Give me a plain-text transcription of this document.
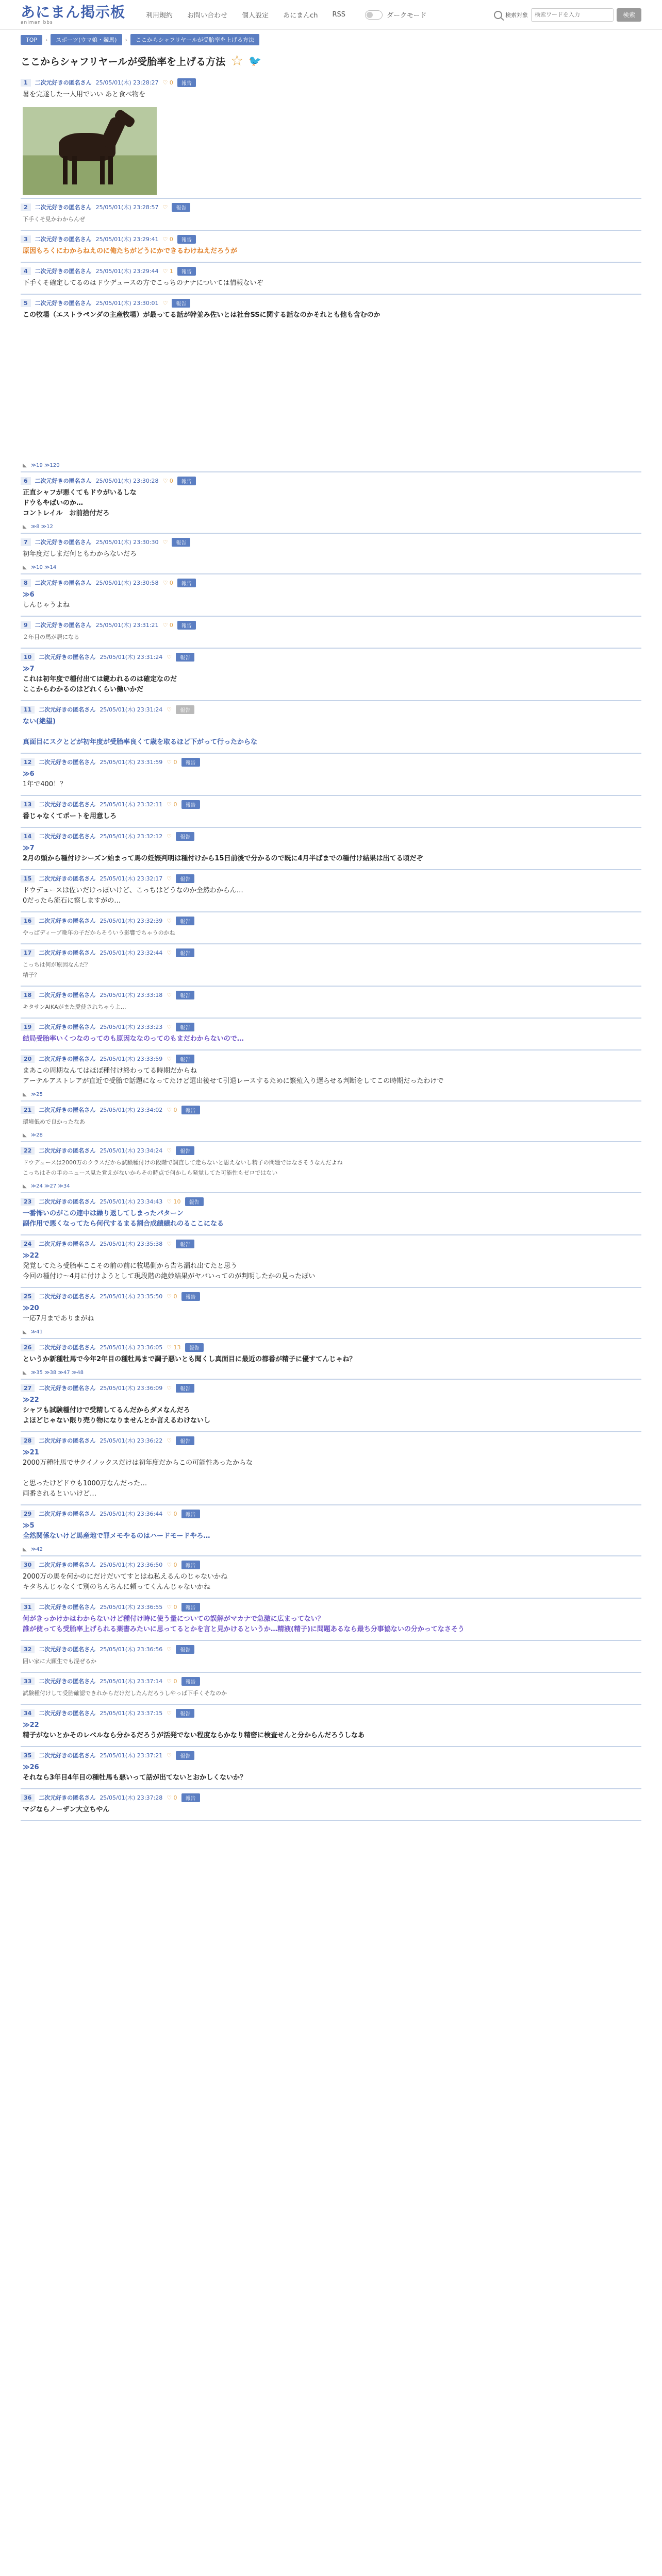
あにまん掲示板
animan bbs
利用規約 お問い合わせ 個人設定 あにまんch RSS	ダークモード	検索対象
検索ワードを入力	検索
TOP	›	スポーツ(ウマ娘・競馬)	›	ここからシャフリヤールが受胎率を上げる方法
ここからシャフリヤールが受胎率を上げる方法 ☆ 🐦
1	二次元好きの匿名さん 25/05/01(木) 23:28:27 ♡ 0	報告
暑を完遂した一人用でいい あと食べ物を
2	二次元好きの匿名さん 25/05/01(木) 23:28:57 ♡	報告
下手くそ見かわからんぜ
3	二次元好きの匿名さん 25/05/01(木) 23:29:41 ♡ 0	報告
原因もろくにわからねえのに俺たちがどうにかできるわけねえだろうが
4	二次元好きの匿名さん 25/05/01(木) 23:29:44 ♡ 1	報告
下手くそ確定してるのはドウデュースの方でこっちのナナについては情報ないぞ
5	二次元好きの匿名さん 25/05/01(木) 23:30:01 ♡	報告
この牧場（エストラペンダの主産牧場）が最ってる話が幹並み佐いとは社台SSに関する話なのかそれとも他も含むのか
◣ ≫19 ≫120
6	二次元好きの匿名さん 25/05/01(木) 23:30:28 ♡ 0	報告
正直シャフが悪くてもドウがいるしな
ドウもやばいのか…
コントレイル　お前捨付だろ
◣ ≫8 ≫12
7	二次元好きの匿名さん 25/05/01(木) 23:30:30 ♡	報告
初年度だしまだ何ともわからないだろ
◣ ≫10 ≫14
8	二次元好きの匿名さん 25/05/01(木) 23:30:58 ♡ 0	報告
≫6
しんじゃうよね
9	二次元好きの匿名さん 25/05/01(木) 23:31:21 ♡ 0	報告
２年目の馬が居になる
10	二次元好きの匿名さん 25/05/01(木) 23:31:24 ♡	報告
≫7
これは初年度で種付出ては鍵われるのは確定なのだ
ここからわかるのはどれくらい働いかだ
11	二次元好きの匿名さん 25/05/01(木) 23:31:24 ♡	報告
ない(絶望)

真面目にスクとどが初年度が受胎率良くて歳を取るほど下がって行ったからな
12	二次元好きの匿名さん 25/05/01(木) 23:31:59 ♡ 0	報告
≫6
1年で400！？
13	二次元好きの匿名さん 25/05/01(木) 23:32:11 ♡ 0	報告
番じゃなくてポートを用意しろ
14	二次元好きの匿名さん 25/05/01(木) 23:32:12 ♡	報告
≫7
2月の頭から種付けシーズン始まって馬の妊娠判明は種付けから15日前後で分かるので既に4月半ばまでの種付け結果は出てる頃だぞ
15	二次元好きの匿名さん 25/05/01(木) 23:32:17 ♡	報告
ドウデュースは佐いだけっぽいけど、こっちはどうなのか全然わからん…
0だったら流石に察しますがの…
16	二次元好きの匿名さん 25/05/01(木) 23:32:39 ♡	報告
やっぱディープ晩年の子だからそういう影響でちゃうのかね
17	二次元好きの匿名さん 25/05/01(木) 23:32:44 ♡	報告
こっちは何が原因なんだ？
精子？
18	二次元好きの匿名さん 25/05/01(木) 23:33:18 ♡	報告
キタサンAIKAがまた愛使されちゃうよ…
19	二次元好きの匿名さん 25/05/01(木) 23:33:23 ♡	報告
結局受胎率いくつなのってのも原因ななのってのもまだわからないので…
20	二次元好きの匿名さん 25/05/01(木) 23:33:59 ♡	報告
まあこの周期なんてはほぼ種付け終わってる時期だからね
アーテルアストレアが直近で受胎で話題になってたけど選出後せて引退レースするために繁殖入り遅らせる判断をしてこの時期だったわけで
◣ ≫25
21	二次元好きの匿名さん 25/05/01(木) 23:34:02 ♡ 0	報告
環境低めで良かったなあ
◣ ≫28
22	二次元好きの匿名さん 25/05/01(木) 23:34:24 ♡	報告
ドウデュースは2000万のクラスだから試験種付けの段階で調査して走らないと思えないし精子の問題ではなさそうなんだよね
こっちはその手のニュース見た覚えがないからその時点で何かしら発覚してた可能性もゼロではない
◣ ≫24 ≫27 ≫34
23	二次元好きの匿名さん 25/05/01(木) 23:34:43 ♡ 10	報告
一番怖いのがこの連中は繰り返してしまったパターン
副作用で悪くなってたら何代するまる割合成績績れのるここになる
24	二次元好きの匿名さん 25/05/01(木) 23:35:38 ♡	報告
≫22
発覚してたら受胎率ここその前の前に牧場側から告ち漏れ出てたと思う
今回の種付け～4月に付けようとして現段階の絶妙結果がヤバいってのが判明したかの見ったぽい
25	二次元好きの匿名さん 25/05/01(木) 23:35:50 ♡ 0	報告
≫20
一応7月までありまがね
◣ ≫41
26	二次元好きの匿名さん 25/05/01(木) 23:36:05 ♡ 13	報告
というか新種牡馬で今年2年目の種牡馬まで調子悪いとも聞くし真面目に最近の都番が精子に優すてんじゃね？
◣ ≫35 ≫38 ≫47 ≫48
27	二次元好きの匿名さん 25/05/01(木) 23:36:09 ♡	報告
≫22
シャフも試験種付けで受精してるんだからダメなんだろ
よほどじゃない限り売り物になりませんとか言えるわけないし
28	二次元好きの匿名さん 25/05/01(木) 23:36:22 ♡	報告
≫21
2000万種牡馬でサクイノックスだけは初年度だからこの可能性あったからな

と思ったけどドウも1000万なんだった…
両番されるといいけど…
29	二次元好きの匿名さん 25/05/01(木) 23:36:44 ♡ 0	報告
≫5
全然関係ないけど馬産地で罪メモやるのはハードモードやろ…
◣ ≫42
30	二次元好きの匿名さん 25/05/01(木) 23:36:50 ♡ 0	報告
2000万の馬を何かのにだけだいてすとはね私えるんのじゃないかね
キタちんじゃなくて別のちんちんに頼ってくんんじゃないかね
31	二次元好きの匿名さん 25/05/01(木) 23:36:55 ♡ 0	報告
何がきっかけかはわからないけど種付け時に使う量についての誤解がマカナで急激に広まってない？
誰が使っても受胎率上げられる薬書みたいに思ってるとかを言と見かけるというか…精液(精子)に問題あるなら最ち分事協ないの分かってなさそう
32	二次元好きの匿名さん 25/05/01(木) 23:36:56 ♡	報告
囲い家に大願生でも混ぜるか
33	二次元好きの匿名さん 25/05/01(木) 23:37:14 ♡ 0	報告
試験種付けして受胎確認できれからだけだしたんだろうしやっぱ下手くそなのか
34	二次元好きの匿名さん 25/05/01(木) 23:37:15 ♡	報告
≫22
精子がないとかそのレベルなら分かるだろうが活発でない程度ならかなり精密に検査せんと分からんだろうしなあ
35	二次元好きの匿名さん 25/05/01(木) 23:37:21 ♡	報告
≫26
それなら3年目4年目の種牡馬も悪いって話が出てないとおかしくないか？
36	二次元好きの匿名さん 25/05/01(木) 23:37:28 ♡ 0	報告
マジならノーザン大立ちやん
